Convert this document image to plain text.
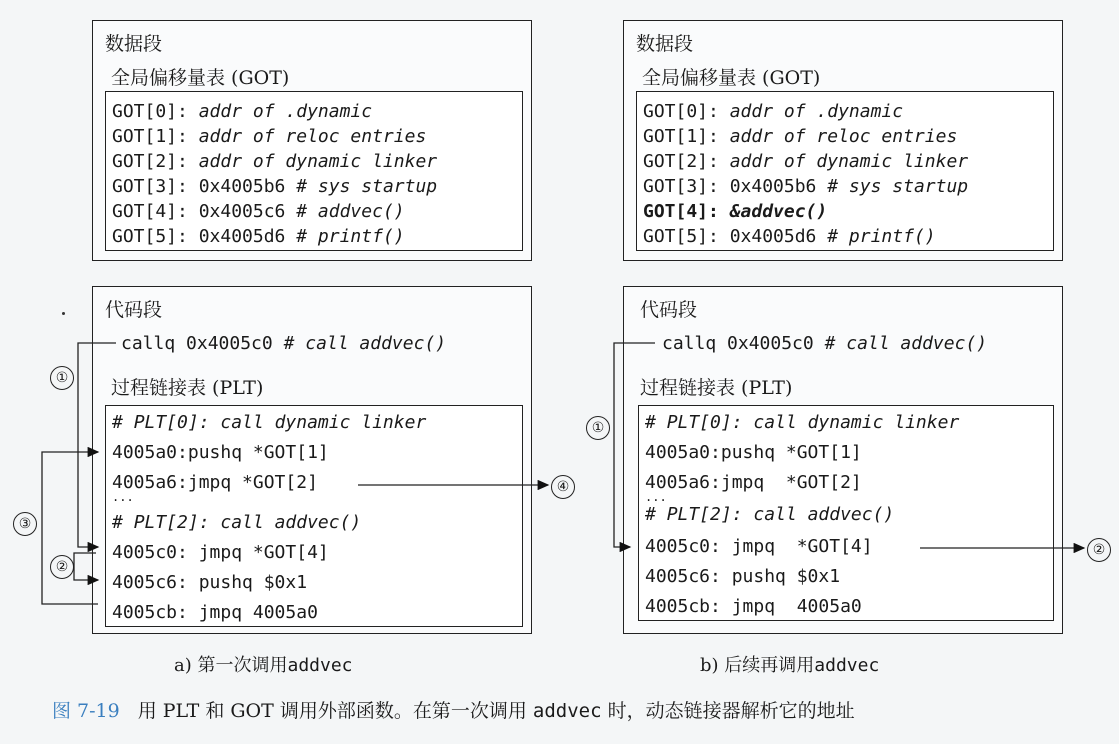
数据段
全局偏移量表 (GOT)
GOT[0]: addr of .dynamic
GOT[1]: addr of reloc entries
GOT[2]: addr of dynamic linker
GOT[3]: 0x4005b6 # sys startup
GOT[4]: 0x4005c6 # addvec()
GOT[5]: 0x4005d6 # printf()
代码段
callq 0x4005c0 # call addvec()
过程链接表 (PLT)
# PLT[0]: call dynamic linker
4005a0:pushq *GOT[1]
4005a6:jmpq *GOT[2]
...
# PLT[2]: call addvec()
4005c0: jmpq *GOT[4]
4005c6: pushq $0x1
4005cb: jmpq 4005a0
a) 第一次调用addvec
数据段
全局偏移量表 (GOT)
GOT[0]: addr of .dynamic
GOT[1]: addr of reloc entries
GOT[2]: addr of dynamic linker
GOT[3]: 0x4005b6 # sys startup
GOT[4]: &addvec()
GOT[5]: 0x4005d6 # printf()
代码段
callq 0x4005c0 # call addvec()
过程链接表 (PLT)
# PLT[0]: call dynamic linker
4005a0:pushq *GOT[1]
4005a6:jmpq  *GOT[2]
...
# PLT[2]: call addvec()
4005c0: jmpq  *GOT[4]
4005c6: pushq $0x1
4005cb: jmpq  4005a0
b) 后续再调用addvec
①
③
②
④
①
②
图 7-19 用 PLT 和 GOT 调用外部函数。在第一次调用 addvec 时，动态链接器解析它的地址
